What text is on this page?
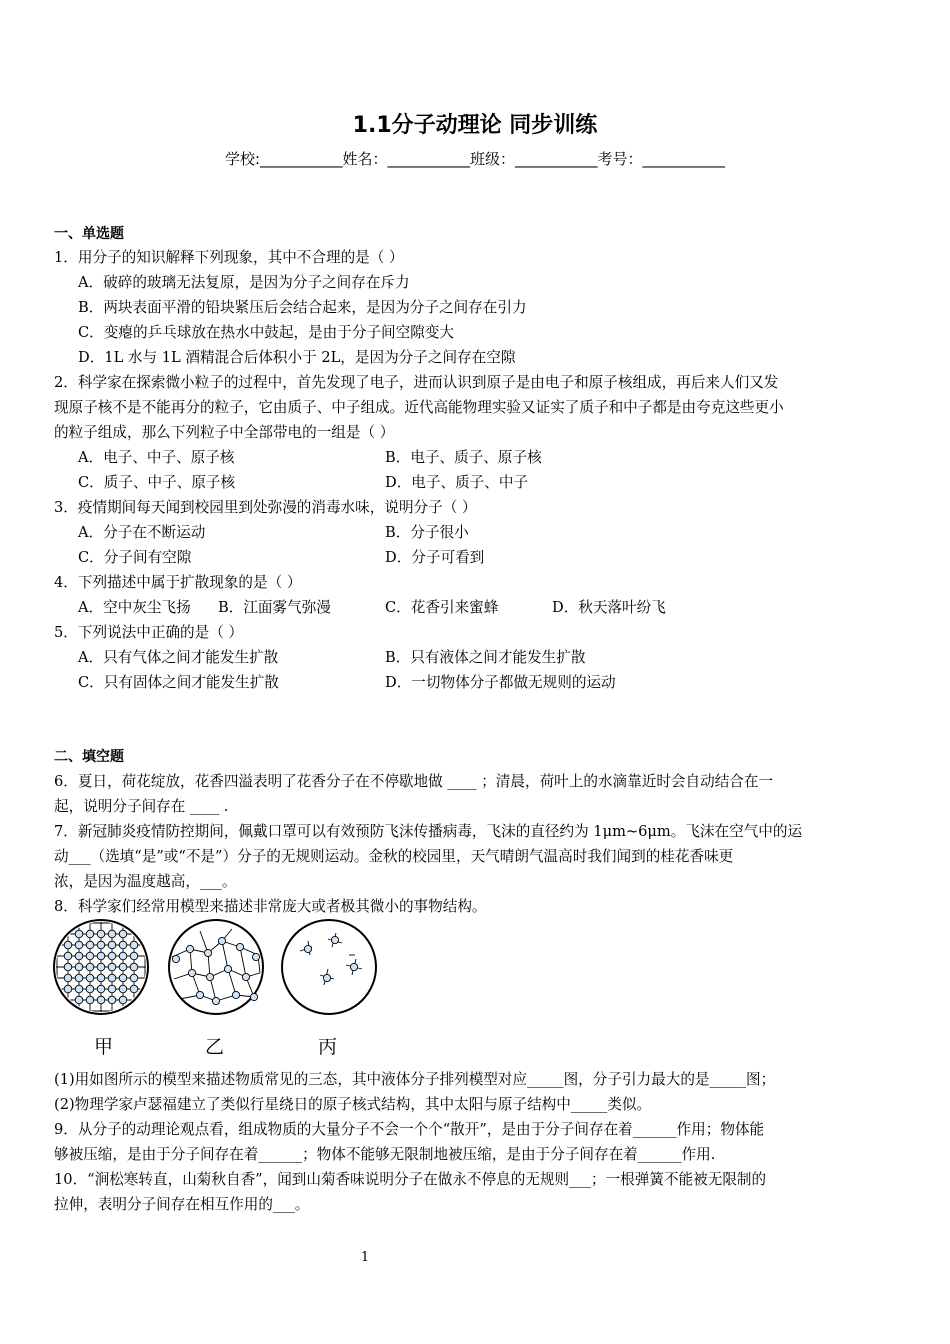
1.1分子动理论 同步训练
学校:___________姓名：___________班级：___________考号：___________
一、单选题
1．用分子的知识解释下列现象，其中不合理的是（ ）
A．破碎的玻璃无法复原，是因为分子之间存在斥力
B．两块表面平滑的铅块紧压后会结合起来，是因为分子之间存在引力
C．变瘪的乒乓球放在热水中鼓起，是由于分子间空隙变大
D．1L 水与 1L 酒精混合后体积小于 2L，是因为分子之间存在空隙
2．科学家在探索微小粒子的过程中，首先发现了电子，进而认识到原子是由电子和原子核组成，再后来人们又发
现原子核不是不能再分的粒子，它由质子、中子组成。近代高能物理实验又证实了质子和中子都是由夸克这些更小
的粒子组成，那么下列粒子中全部带电的一组是（ ）
A．电子、中子、原子核	B．电子、质子、原子核
C．质子、中子、原子核	D．电子、质子、中子
3．疫情期间每天闻到校园里到处弥漫的消毒水味，说明分子（ ）
A．分子在不断运动	B．分子很小
C．分子间有空隙	D．分子可看到
4．下列描述中属于扩散现象的是（ ）
A．空中灰尘飞扬 B．江面雾气弥漫	C．花香引来蜜蜂	D．秋天落叶纷飞
5．下列说法中正确的是（ ）
A．只有气体之间才能发生扩散	B．只有液体之间才能发生扩散
C．只有固体之间才能发生扩散	D．一切物体分子都做无规则的运动
二、填空题
6．夏日，荷花绽放，花香四溢表明了花香分子在不停歇地做 ____ ；清晨，荷叶上的水滴靠近时会自动结合在一
起，说明分子间存在 ____ .
7．新冠肺炎疫情防控期间，佩戴口罩可以有效预防飞沫传播病毒，飞沫的直径约为 1μm~6μm。飞沫在空气中的运
动___（选填“是”或“不是”）分子的无规则运动。金秋的校园里，天气晴朗气温高时我们闻到的桂花香味更
浓，是因为温度越高，___。
8．科学家们经常用模型来描述非常庞大或者极其微小的事物结构。
甲	乙	丙
(1)用如图所示的模型来描述物质常见的三态，其中液体分子排列模型对应_____图，分子引力最大的是_____图；
(2)物理学家卢瑟福建立了类似行星绕日的原子核式结构，其中太阳与原子结构中_____类似。
9．从分子的动理论观点看，组成物质的大量分子不会一个个“散开”，是由于分子间存在着______作用；物体能
够被压缩，是由于分子间存在着______；物体不能够无限制地被压缩，是由于分子间存在着______作用.
10．“涧松寒转直，山菊秋自香”，闻到山菊香味说明分子在做永不停息的无规则___；一根弹簧不能被无限制的
拉伸，表明分子间存在相互作用的___。
1
